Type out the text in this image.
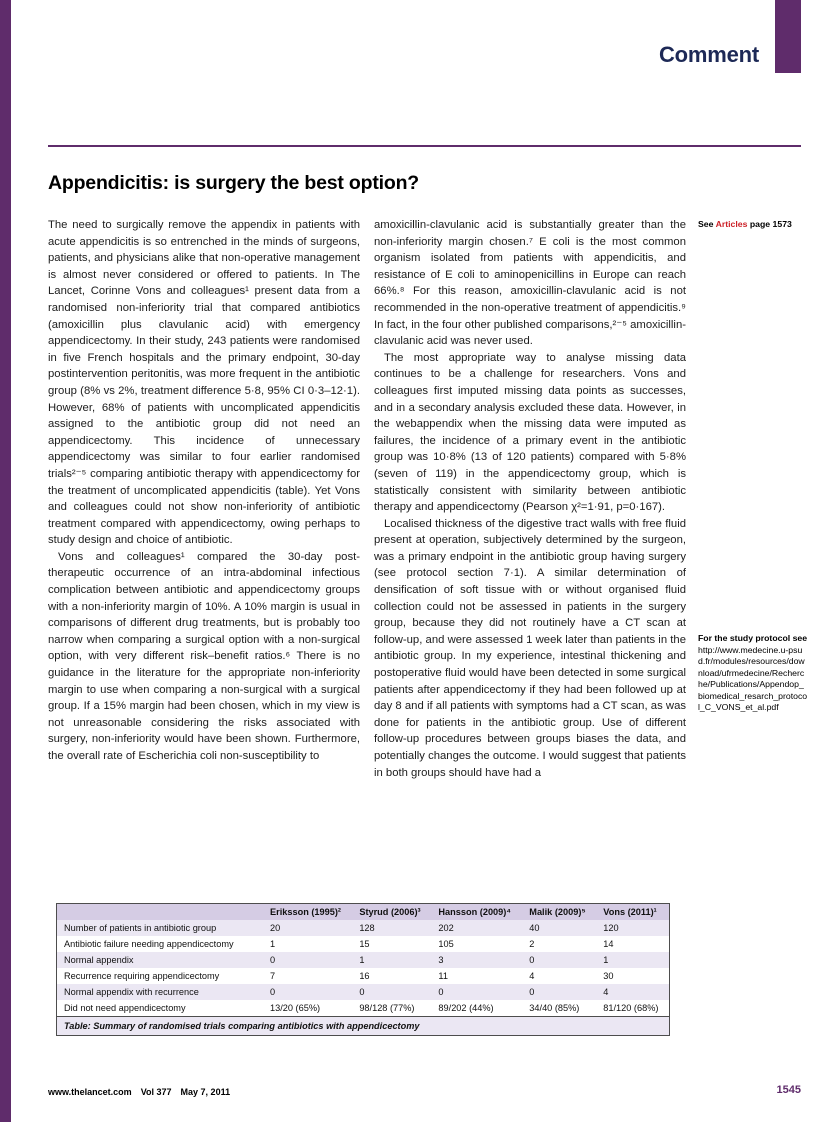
Comment
Appendicitis: is surgery the best option?

The need to surgically remove the appendix in patients with acute appendicitis is so entrenched in the minds of surgeons, patients, and physicians alike that non-operative management is almost never considered or offered to patients. In The Lancet, Corinne Vons and colleagues¹ present data from a randomised non-inferiority trial that compared antibiotics (amoxicillin plus clavulanic acid) with emergency appendicectomy. In their study, 243 patients were randomised in five French hospitals and the primary endpoint, 30-day postintervention peritonitis, was more frequent in the antibiotic group (8% vs 2%, treatment difference 5·8, 95% CI 0·3–12·1). However, 68% of patients with uncomplicated appendicitis assigned to the antibiotic group did not need an appendicectomy. This incidence of unnecessary appendicectomy was similar to four earlier randomised trials²⁻⁵ comparing antibiotic therapy with appendicectomy for the treatment of uncomplicated appendicitis (table). Yet Vons and colleagues could not show non-inferiority of antibiotic treatment compared with appendicectomy, owing perhaps to study design and choice of antibiotic.

Vons and colleagues¹ compared the 30-day post-therapeutic occurrence of an intra-abdominal infectious complication between antibiotic and appendicectomy groups with a non-inferiority margin of 10%. A 10% margin is usual in comparisons of different drug treatments, but is probably too narrow when comparing a surgical option with a non-surgical option, with very different risk–benefit ratios.⁶ There is no guidance in the literature for the appropriate non-inferiority margin to use when comparing a non-surgical with a surgical group. If a 15% margin had been chosen, which in my view is not unreasonable considering the risks associated with surgery, non-inferiority would have been shown. Furthermore, the overall rate of Escherichia coli non-susceptibility to

amoxicillin-clavulanic acid is substantially greater than the non-inferiority margin chosen.⁷ E coli is the most common organism isolated from patients with appendicitis, and resistance of E coli to aminopenicillins in Europe can reach 66%.⁸ For this reason, amoxicillin-clavulanic acid is not recommended in the non-operative treatment of appendicitis.⁹ In fact, in the four other published comparisons,²⁻⁵ amoxicillin-clavulanic acid was never used.

The most appropriate way to analyse missing data continues to be a challenge for researchers. Vons and colleagues first imputed missing data points as successes, and in a secondary analysis excluded these data. However, in the webappendix when the missing data were imputed as failures, the incidence of a primary event in the antibiotic group was 10·8% (13 of 120 patients) compared with 5·8% (seven of 119) in the appendicectomy group, which is statistically consistent with similarity between antibiotic therapy and appendicectomy (Pearson χ²=1·91, p=0·167).

Localised thickness of the digestive tract walls with free fluid present at operation, subjectively determined by the surgeon, was a primary endpoint in the antibiotic group having surgery (see protocol section 7·1). A similar determination of densification of soft tissue with or without organised fluid collection could not be assessed in patients in the surgery group, because they did not routinely have a CT scan at follow-up, and were assessed 1 week later than patients in the antibiotic group. In my experience, intestinal thickening and postoperative fluid would have been detected in some surgical patients after appendicectomy if they had been followed up at day 8 and if all patients with symptoms had a CT scan, as was done for patients in the antibiotic group. Use of different follow-up procedures between groups biases the data, and potentially changes the outcome. I would suggest that patients in both groups should have had a

See Articles page 1573
For the study protocol see
http://www.medecine.u-psud.fr/modules/resources/download/ufrmedecine/Recherche/Publications/Appendop_biomedical_resarch_protocol_C_VONS_et_al.pdf
	Eriksson (1995)²	Styrud (2006)³	Hansson (2009)⁴	Malik (2009)⁵	Vons (2011)¹
Number of patients in antibiotic group	20	128	202	40	120
Antibiotic failure needing appendicectomy	1	15	105	2	14
Normal appendix	0	1	3	0	1
Recurrence requiring appendicectomy	7	16	11	4	30
Normal appendix with recurrence	0	0	0	0	4
Did not need appendicectomy	13/20 (65%)	98/128 (77%)	89/202 (44%)	34/40 (85%)	81/120 (68%)
Table: Summary of randomised trials comparing antibiotics with appendicectomy
www.thelancet.com Vol 377 May 7, 2011	1545
